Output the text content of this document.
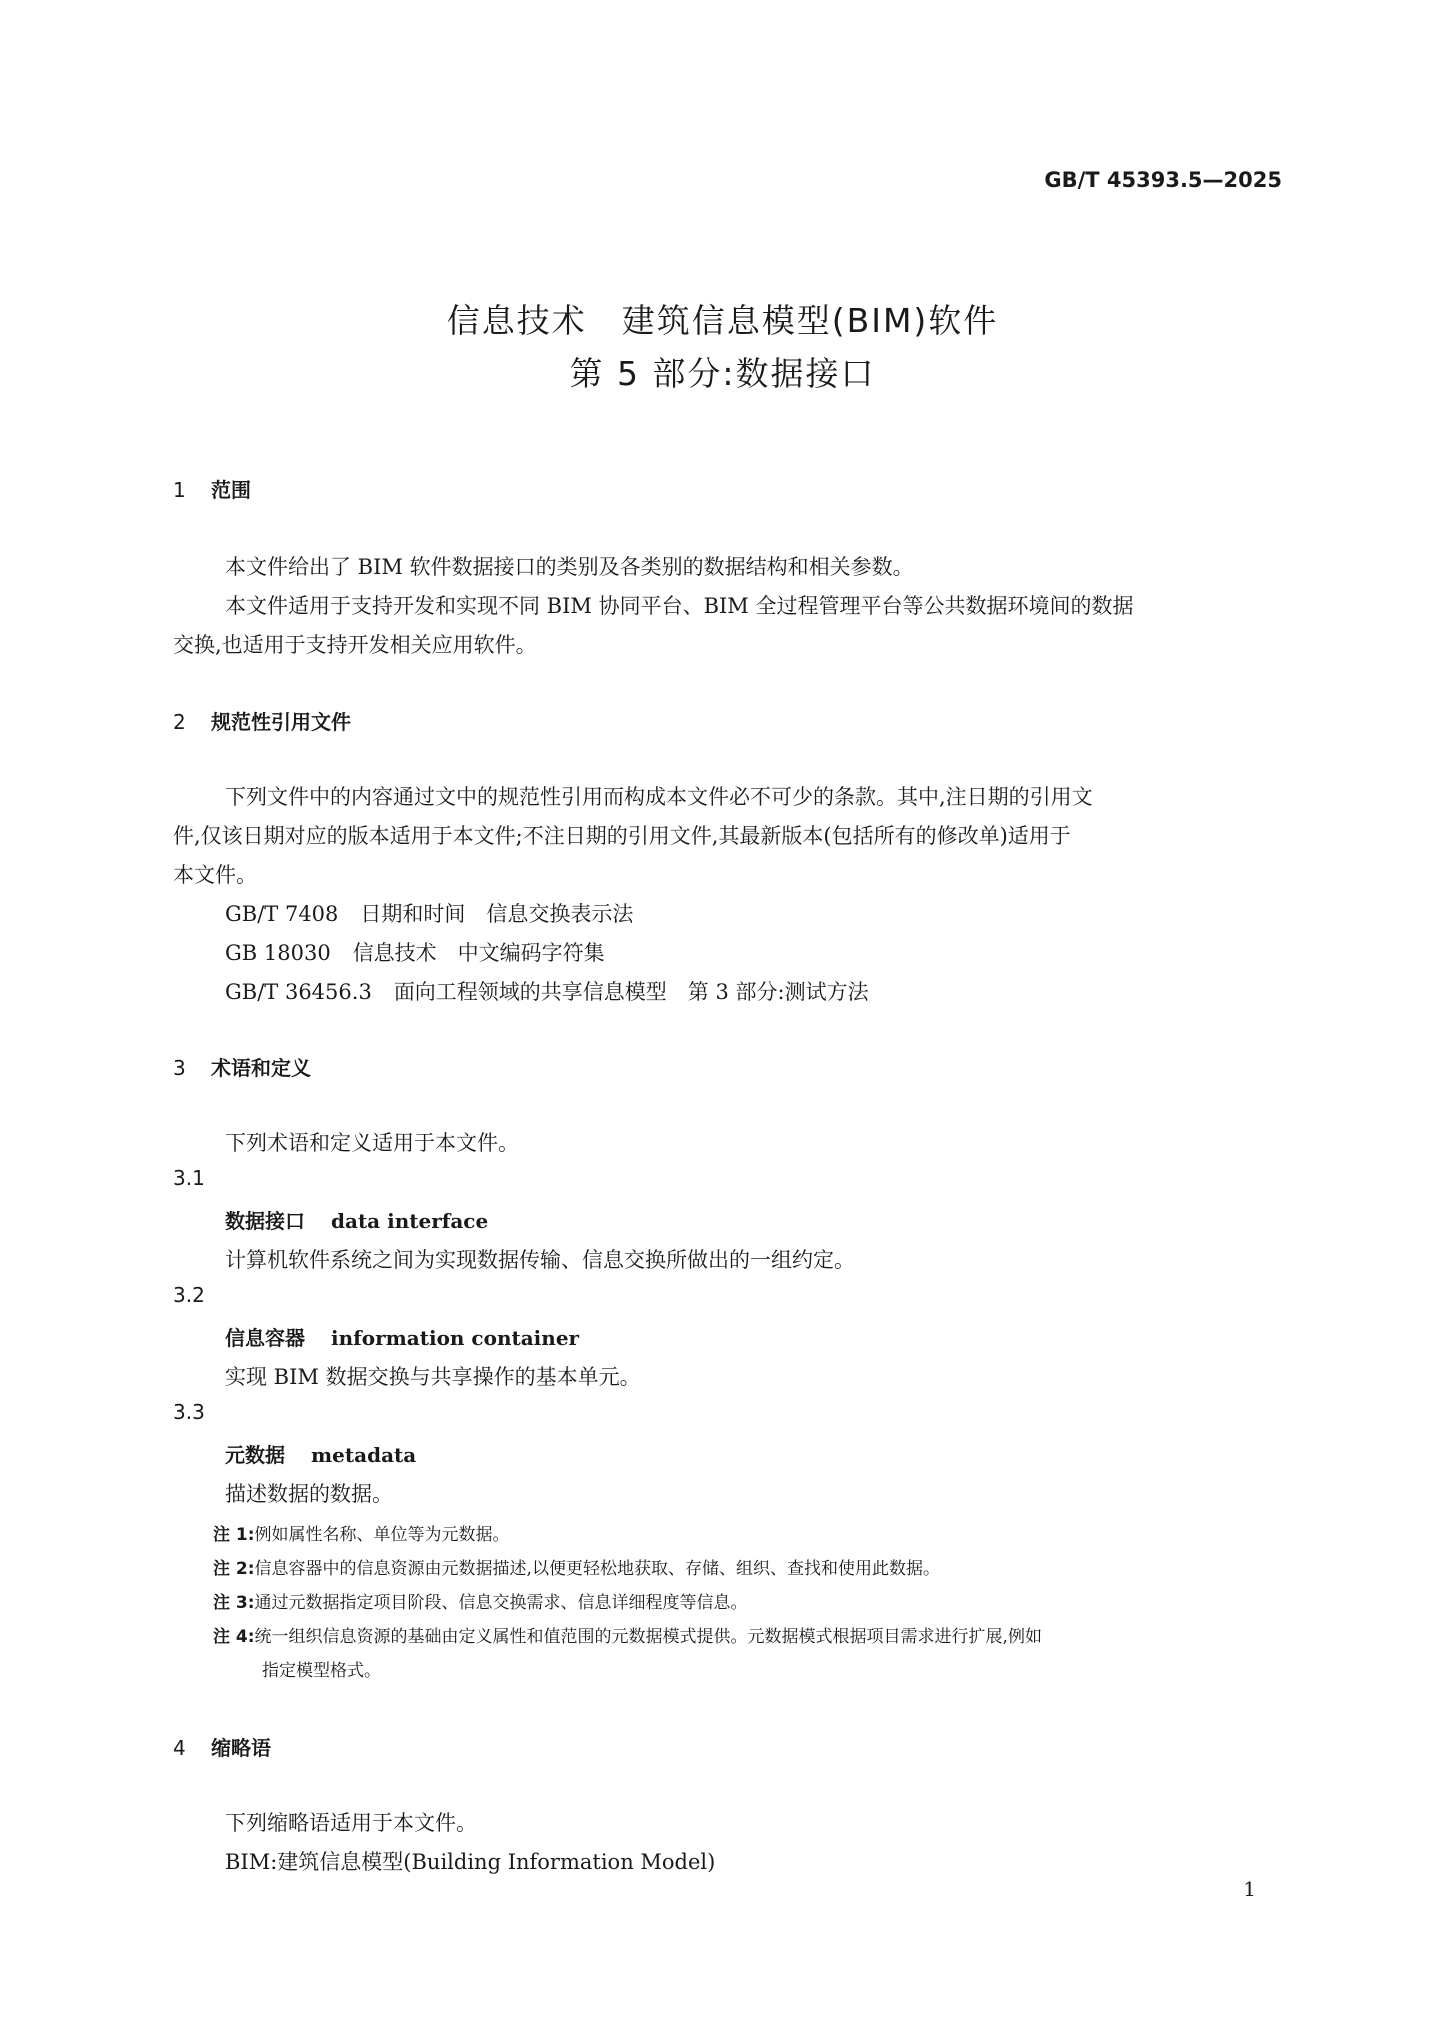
GB/T 45393.5—2025
信息技术　建筑信息模型(BIM)软件
第 5 部分:数据接口
1 范围
本文件给出了 BIM 软件数据接口的类别及各类别的数据结构和相关参数。
本文件适用于支持开发和实现不同 BIM 协同平台、BIM 全过程管理平台等公共数据环境间的数据
交换,也适用于支持开发相关应用软件。
2 规范性引用文件
下列文件中的内容通过文中的规范性引用而构成本文件必不可少的条款。其中,注日期的引用文
件,仅该日期对应的版本适用于本文件;不注日期的引用文件,其最新版本(包括所有的修改单)适用于
本文件。
GB/T 7408 日期和时间　信息交换表示法
GB 18030 信息技术　中文编码字符集
GB/T 36456.3 面向工程领域的共享信息模型　第 3 部分:测试方法
3 术语和定义
下列术语和定义适用于本文件。
3.1
数据接口 data interface
计算机软件系统之间为实现数据传输、信息交换所做出的一组约定。
3.2
信息容器 information container
实现 BIM 数据交换与共享操作的基本单元。
3.3
元数据 metadata
描述数据的数据。
注 1:例如属性名称、单位等为元数据。
注 2:信息容器中的信息资源由元数据描述,以便更轻松地获取、存储、组织、查找和使用此数据。
注 3:通过元数据指定项目阶段、信息交换需求、信息详细程度等信息。
注 4:统一组织信息资源的基础由定义属性和值范围的元数据模式提供。元数据模式根据项目需求进行扩展,例如
指定模型格式。
4 缩略语
下列缩略语适用于本文件。
BIM:建筑信息模型(Building Information Model)
1
